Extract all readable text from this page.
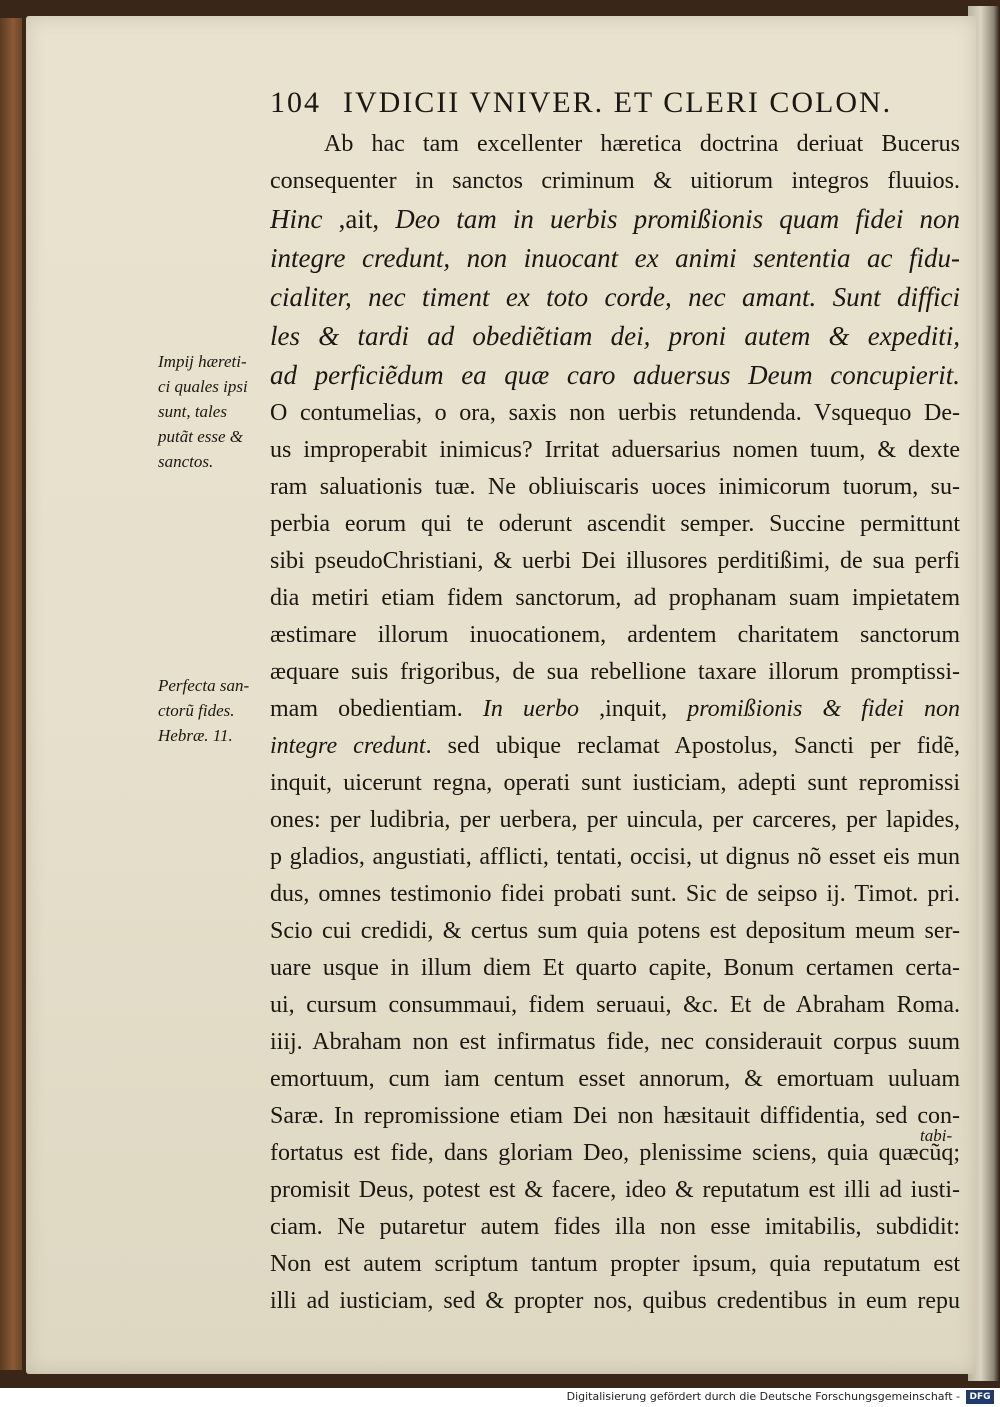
104 IVDICII VNIVER. ET CLERI COLON.
Impij hæreti-
ci quales ipsi
sunt, tales
putãt esse &
sanctos.
Perfecta san-
ctorũ fides.
Hebræ. 11.
Ab hac tam excellenter hæretica doctrina deriuat Bucerus
consequenter in sanctos criminum & uitiorum integros fluuios.
Hinc ,ait, Deo tam in uerbis promißionis quam fidei non
integre credunt, non inuocant ex animi sententia ac fidu-
cialiter, nec timent ex toto corde, nec amant. Sunt diffici
les & tardi ad obediẽtiam dei, proni autem & expediti,
ad perficiẽdum ea quæ caro aduersus Deum concupierit.
O contumelias, o ora, saxis non uerbis retundenda. Vsquequo De-
us improperabit inimicus? Irritat aduersarius nomen tuum, & dexte
ram saluationis tuæ. Ne obliuiscaris uoces inimicorum tuorum, su-
perbia eorum qui te oderunt ascendit semper. Succine permittunt
sibi pseudoChristiani, & uerbi Dei illusores perditißimi, de sua perfi
dia metiri etiam fidem sanctorum, ad prophanam suam impietatem
æstimare illorum inuocationem, ardentem charitatem sanctorum
æquare suis frigoribus, de sua rebellione taxare illorum promptissi-
mam obedientiam. In uerbo ,inquit, promißionis & fidei non
integre credunt. sed ubique reclamat Apostolus, Sancti per fidẽ,
inquit, uicerunt regna, operati sunt iusticiam, adepti sunt repromissi
ones: per ludibria, per uerbera, per uincula, per carceres, per lapides,
p gladios, angustiati, afflicti, tentati, occisi, ut dignus nõ esset eis mun
dus, omnes testimonio fidei probati sunt. Sic de seipso ij. Timot. pri.
Scio cui credidi, & certus sum quia potens est depositum meum ser-
uare usque in illum diem Et quarto capite, Bonum certamen certa-
ui, cursum consummaui, fidem seruaui, &c. Et de Abraham Roma.
iiij. Abraham non est infirmatus fide, nec considerauit corpus suum
emortuum, cum iam centum esset annorum, & emortuam uuluam
Saræ. In repromissione etiam Dei non hæsitauit diffidentia, sed con-
fortatus est fide, dans gloriam Deo, plenissime sciens, quia quæcũq;
promisit Deus, potest est & facere, ideo & reputatum est illi ad iusti-
ciam. Ne putaretur autem fides illa non esse imitabilis, subdidit:
Non est autem scriptum tantum propter ipsum, quia reputatum est
illi ad iusticiam, sed & propter nos, quibus credentibus in eum repu
tabi-
Digitalisierung gefördert durch die Deutsche Forschungsgemeinschaft -	DFG
